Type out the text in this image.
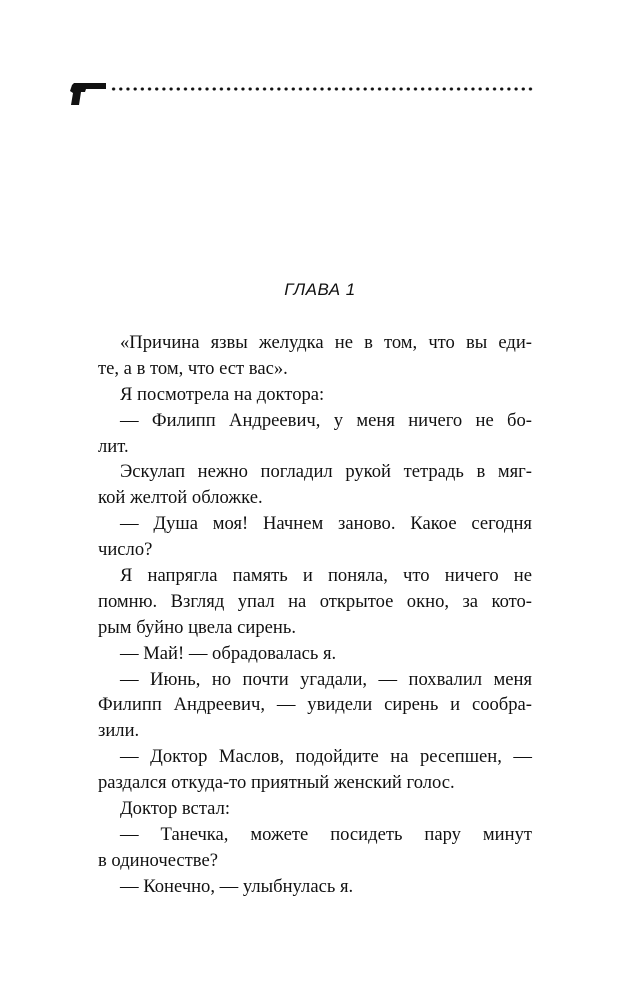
ГЛАВА 1
«Причина язвы желудка не в том, что вы еди-
те, а в том, что ест вас».
Я посмотрела на доктора:
— Филипп Андреевич, у меня ничего не бо-
лит.
Эскулап нежно погладил рукой тетрадь в мяг-
кой желтой обложке.
— Душа моя! Начнем заново. Какое сегодня
число?
Я напрягла память и поняла, что ничего не
помню. Взгляд упал на открытое окно, за кото-
рым буйно цвела сирень.
— Май! — обрадовалась я.
— Июнь, но почти угадали, — похвалил меня
Филипп Андреевич, — увидели сирень и сообра-
зили.
— Доктор Маслов, подойдите на ресепшен, —
раздался откуда-то приятный женский голос.
Доктор встал:
— Танечка, можете посидеть пару минут
в одиночестве?
— Конечно, — улыбнулась я.
